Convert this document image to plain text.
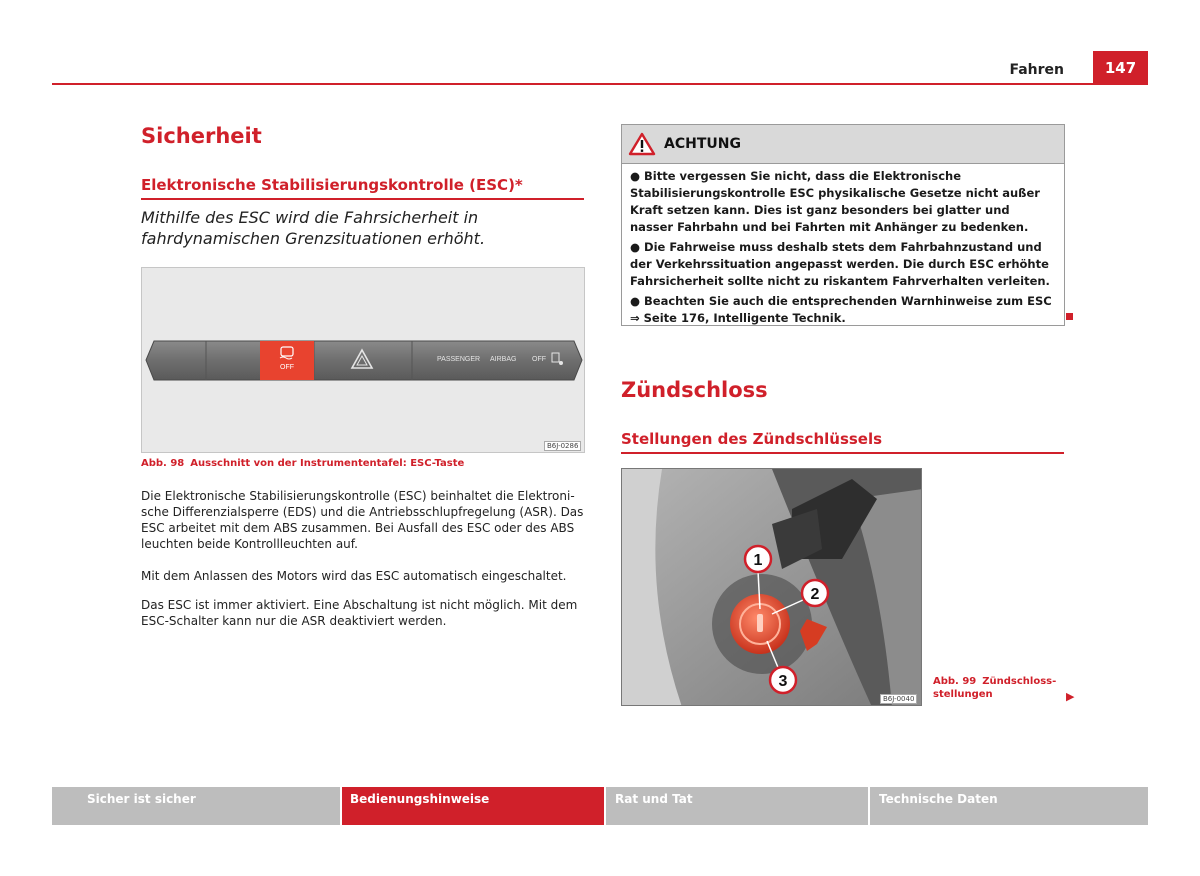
Fahren	147
Sicherheit
Elektronische Stabilisierungskontrolle (ESC)*
Mithilfe des ESC wird die Fahrsicherheit in fahrdynamischen Grenzsituationen erhöht.
OFF
PASSENGER AIRBAG OFF
B6J-0286
Abb. 98 Ausschnitt von der Instrumententafel: ESC-Taste
Die Elektronische Stabilisierungskontrolle (ESC) beinhaltet die Elektronische Differenzialsperre (EDS) und die Antriebsschlupfregelung (ASR). Das ESC arbeitet mit dem ABS zusammen. Bei Ausfall des ESC oder des ABS leuchten beide Kontrollleuchten auf.
Mit dem Anlassen des Motors wird das ESC automatisch eingeschaltet.
Das ESC ist immer aktiviert. Eine Abschaltung ist nicht möglich. Mit dem ESC-Schalter kann nur die ASR deaktiviert werden.
ACHTUNG
● Bitte vergessen Sie nicht, dass die Elektronische Stabilisierungskontrolle ESC physikalische Gesetze nicht außer Kraft setzen kann. Dies ist ganz besonders bei glatter und nasser Fahrbahn und bei Fahrten mit Anhänger zu bedenken.
● Die Fahrweise muss deshalb stets dem Fahrbahnzustand und der Verkehrssituation angepasst werden. Die durch ESC erhöhte Fahrsicherheit sollte nicht zu riskantem Fahrverhalten verleiten.
● Beachten Sie auch die entsprechenden Warnhinweise zum ESC ⇒ Seite 176, Intelligente Technik.
Zündschloss
Stellungen des Zündschlüssels
1
2
3
B6J-0040
Abb. 99 Zündschlossstellungen	▶
Sicher ist sicher	Bedienungshinweise	Rat und Tat	Technische Daten
